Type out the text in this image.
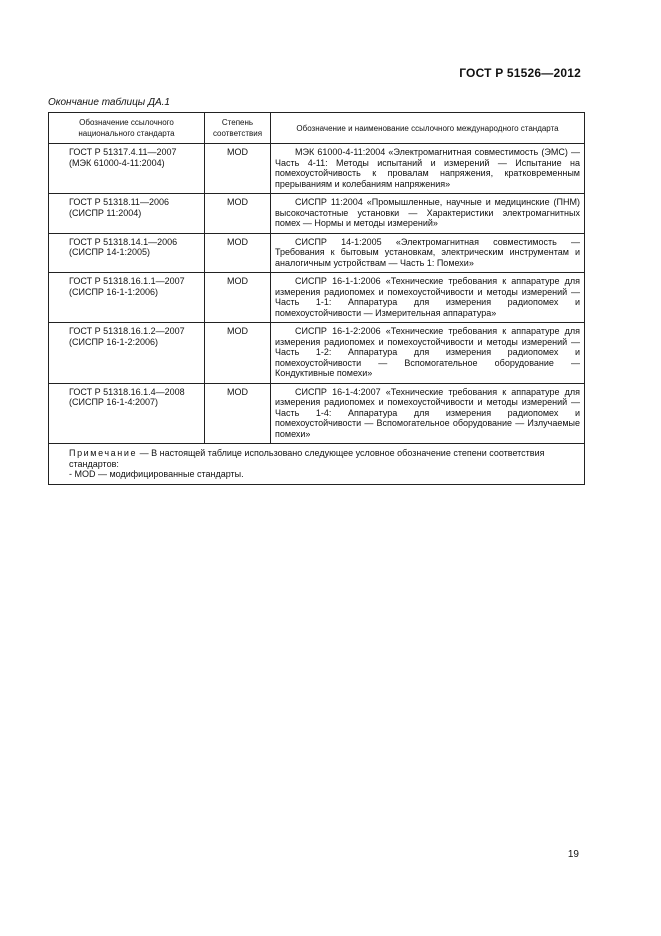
ГОСТ Р 51526—2012
Окончание таблицы ДА.1
Обозначение ссылочного национального стандарта	Степень соответствия	Обозначение и наименование ссылочного международного стандарта

ГОСТ Р 51317.4.11—2007
(МЭК 61000-4-11:2004)	MOD	МЭК 61000-4-11:2004 «Электромагнитная совместимость (ЭМС) — Часть 4-11: Методы испытаний и измерений — Испытание на помехоустойчивость к провалам напряжения, кратковременным прерываниям и колебаниям напряжения»

ГОСТ Р 51318.11—2006
(СИСПР 11:2004)	MOD	СИСПР 11:2004 «Промышленные, научные и медицинские (ПНМ) высокочастотные установки — Характеристики электромагнитных помех — Нормы и методы измерений»

ГОСТ Р 51318.14.1—2006
(СИСПР 14-1:2005)	MOD	СИСПР 14-1:2005 «Электромагнитная совместимость — Требования к бытовым установкам, электрическим инструментам и аналогичным устройствам — Часть 1: Помехи»

ГОСТ Р 51318.16.1.1—2007
(СИСПР 16-1-1:2006)	MOD	СИСПР 16-1-1:2006 «Технические требования к аппаратуре для измерения радиопомех и помехоустойчивости и методы измерений — Часть 1-1: Аппаратура для измерения радиопомех и помехоустойчивости — Измерительная аппаратура»

ГОСТ Р 51318.16.1.2—2007
(СИСПР 16-1-2:2006)	MOD	СИСПР 16-1-2:2006 «Технические требования к аппаратуре для измерения радиопомех и помехоустойчивости и методы измерений — Часть 1-2: Аппаратура для измерения радиопомех и помехоустойчивости — Вспомогательное оборудование — Кондуктивные помехи»

ГОСТ Р 51318.16.1.4—2008
(СИСПР 16-1-4:2007)	MOD	СИСПР 16-1-4:2007 «Технические требования к аппаратуре для измерения радиопомех и помехоустойчивости и методы измерений — Часть 1-4: Аппаратура для измерения радиопомех и помехоустойчивости — Вспомогательное оборудование — Излучаемые помехи»

Примечание — В настоящей таблице использовано следующее условное обозначение степени соответствия стандартов:
- MOD — модифицированные стандарты.		
19
